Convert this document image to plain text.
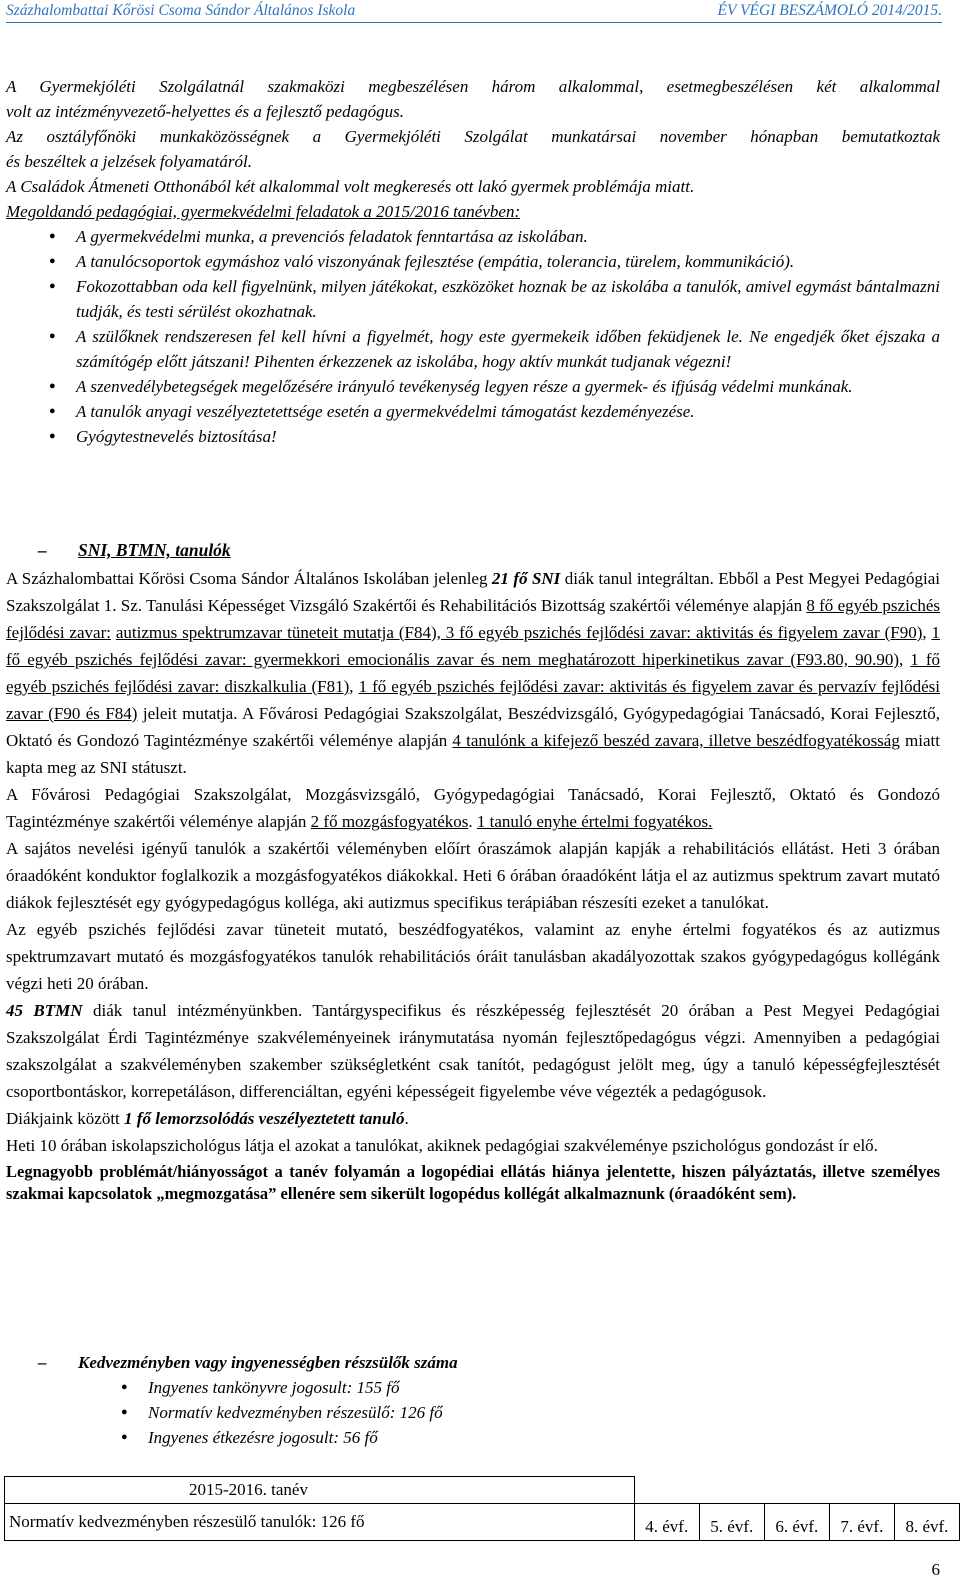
Százhalombattai Kőrösi Csoma Sándor Általános Iskola	ÉV VÉGI BESZÁMOLÓ 2014/2015.
A Gyermekjóléti Szolgálatnál szakmaközi megbeszélésen három alkalommal, esetmegbeszélésen két alkalommal
volt az intézményvezető-helyettes és a fejlesztő pedagógus.
Az osztályfőnöki munkaközösségnek a Gyermekjóléti Szolgálat munkatársai november hónapban bemutatkoztak
és beszéltek a jelzések folyamatáról.
A Családok Átmeneti Otthonából két alkalommal volt megkeresés ott lakó gyermek problémája miatt.
Megoldandó pedagógiai, gyermekvédelmi feladatok a 2015/2016 tanévben:
● A gyermekvédelmi munka, a prevenciós feladatok fenntartása az iskolában.
● A tanulócsoportok egymáshoz való viszonyának fejlesztése (empátia, tolerancia, türelem, kommunikáció).
● Fokozottabban oda kell figyelnünk, milyen játékokat, eszközöket hoznak be az iskolába a tanulók, amivel egymást bántalmazni tudják, és testi sérülést okozhatnak.
● A szülőknek rendszeresen fel kell hívni a figyelmét, hogy este gyermekeik időben feküdjenek le. Ne engedjék őket éjszaka a számítógép előtt játszani! Pihenten érkezzenek az iskolába, hogy aktív munkát tudjanak végezni!
● A szenvedélybetegségek megelőzésére irányuló tevékenység legyen része a gyermek- és ifjúság védelmi munkának.
● A tanulók anyagi veszélyeztetettsége esetén a gyermekvédelmi támogatást kezdeményezése.
● Gyógytestnevelés biztosítása!
– SNI, BTMN, tanulók
A Százhalombattai Kőrösi Csoma Sándor Általános Iskolában jelenleg 21 fő SNI diák tanul integráltan. Ebből a Pest Megyei Pedagógiai Szakszolgálat 1. Sz. Tanulási Képességet Vizsgáló Szakértői és Rehabilitációs Bizottság szakértői véleménye alapján 8 fő egyéb pszichés fejlődési zavar: autizmus spektrumzavar tüneteit mutatja (F84), 3 fő egyéb pszichés fejlődési zavar: aktivitás és figyelem zavar (F90), 1 fő egyéb pszichés fejlődési zavar: gyermekkori emocionális zavar és nem meghatározott hiperkinetikus zavar (F93.80, 90.90), 1 fő egyéb pszichés fejlődési zavar: diszkalkulia (F81), 1 fő egyéb pszichés fejlődési zavar: aktivitás és figyelem zavar és pervazív fejlődési zavar (F90 és F84) jeleit mutatja. A Fővárosi Pedagógiai Szakszolgálat, Beszédvizsgáló, Gyógypedagógiai Tanácsadó, Korai Fejlesztő, Oktató és Gondozó Tagintézménye szakértői véleménye alapján 4 tanulónk a kifejező beszéd zavara, illetve beszédfogyatékosság miatt kapta meg az SNI státuszt.
A Fővárosi Pedagógiai Szakszolgálat, Mozgásvizsgáló, Gyógypedagógiai Tanácsadó, Korai Fejlesztő, Oktató és Gondozó Tagintézménye szakértői véleménye alapján 2 fő mozgásfogyatékos. 1 tanuló enyhe értelmi fogyatékos.
A sajátos nevelési igényű tanulók a szakértői véleményben előírt óraszámok alapján kapják a rehabilitációs ellátást. Heti 3 órában óraadóként konduktor foglalkozik a mozgásfogyatékos diákokkal. Heti 6 órában óraadóként látja el az autizmus spektrum zavart mutató diákok fejlesztését egy gyógypedagógus kolléga, aki autizmus specifikus terápiában részesíti ezeket a tanulókat.
Az egyéb pszichés fejlődési zavar tüneteit mutató, beszédfogyatékos, valamint az enyhe értelmi fogyatékos és az autizmus spektrumzavart mutató és mozgásfogyatékos tanulók rehabilitációs óráit tanulásban akadályozottak szakos gyógypedagógus kollégánk végzi heti 20 órában.
45 BTMN diák tanul intézményünkben. Tantárgyspecifikus és részképesség fejlesztését 20 órában a Pest Megyei Pedagógiai Szakszolgálat Érdi Tagintézménye szakvéleményeinek iránymutatása nyomán fejlesztőpedagógus végzi. Amennyiben a pedagógiai szakszolgálat a szakvéleményben szakember szükségletként csak tanítót, pedagógust jelölt meg, úgy a tanuló képességfejlesztését csoportbontáskor, korrepetáláson, differenciáltan, egyéni képességeit figyelembe véve végezték a pedagógusok.
Diákjaink között 1 fő lemorzsolódás veszélyeztetett tanuló.
Heti 10 órában iskolapszichológus látja el azokat a tanulókat, akiknek pedagógiai szakvéleménye pszichológus gondozást ír elő.
Legnagyobb problémát/hiányosságot a tanév folyamán a logopédiai ellátás hiánya jelentette, hiszen pályáztatás, illetve személyes szakmai kapcsolatok „megmozgatása” ellenére sem sikerült logopédus kollégát alkalmaznunk (óraadóként sem).
– Kedvezményben vagy ingyenességben részsülők száma
● Ingyenes tankönyvre jogosult: 155 fő
● Normatív kedvezményben részesülő: 126 fő
● Ingyenes étkezésre jogosult: 56 fő
2015-2016. tanév
Normatív kedvezményben részesülő tanulók: 126 fő	4. évf.	5. évf.	6. évf.	7. évf.	8. évf.
6
